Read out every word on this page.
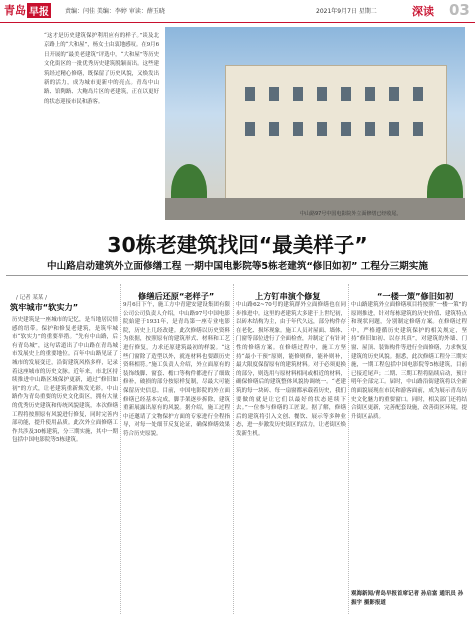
青岛 早报	责编：闫佳 美编：李婷 审读：薛玉晓	2021年9月7日 星期二	深读 03
“这才是历史建筑保护利用应有的样子。”谈及北京路上的“大和屋”，杨女士由衷地感叹。在9月6日开展的“最美老建筑”评选中，“大和屋”等历史文化街区的一批优秀历史建筑脱颖而出。这些建筑经过精心修缮，既保留了历史风貌，又焕发出新的活力，成为城市更新中的亮点。青岛中山路、馆陶路、大鲍岛片区的老建筑，正在以更好的状态迎接市民和游客。
中山路97号中国电影院外立面修缮已经收尾。
30栋老建筑找回“最美样子”
中山路启动建筑外立面修缮工程 一期中国电影院等5栋老建筑“修旧如初” 工程分三期实施
/ 记者 某某 /
筑牢城市“软实力”
历史建筑是一座城市的记忆，是当地居民情感的纽带。保护和修复老建筑，是筑牢城市“软实力”的重要举措。“先有中山路，后有青岛城”，这句话道出了中山路在青岛城市发展史上的重要地位。百年中山路见证了城市的发展变迁，沿街建筑风格多样，记录着这座城市的历史文脉。近年来，市北区持续推进中山路区域保护更新，通过“修旧如初”的方式，让老建筑重新焕发光彩。中山路作为青岛重要的历史文化街区，拥有大量的优秀历史建筑和传统风貌建筑，本次修缮工程将按照原有风貌进行修复，同时完善内部功能，提升使用品质。此次外立面修缮工作共涉及30栋建筑，分三期实施，其中一期包括中国电影院等5栋建筑。
修缮后还原“老样子”
9月6日下午，施工方中青建安建设集团有限公司公司负责人介绍，中山路97号中国电影院始建于1931年，是青岛第一座专业电影院，历史上几经改建。此次修缮以历史资料为依据，按照原有的建筑形式、材料和工艺进行修复，力求还原建筑最初的样貌。“这些门窗除了造型以外，就连材料也要跟历史资料相符。”施工负责人介绍，外立面原有的装饰线脚、窗套、檐口等构件都进行了细致修补，破损的部分按原样复制，尽最大可能保留历史信息。目前，中国电影院的外立面修缮已经基本完成，脚手架逐步拆除，建筑重新展露出原有的风貌。据介绍，施工过程中还邀请了文物保护方面的专家进行全程指导，对每一处细节反复论证，确保修缮效果符合历史原貌。
上方钉串演个修复
中山路62~70号的建筑群外立面修缮也在同步推进中。这里的老建筑大多建于上世纪初，以砖木结构为主，由于年代久远，部分构件存在老化、损坏现象。施工人员对屋面、墙体、门窗等部位进行了全面检查，并制定了有针对性的修缮方案。在修缮过程中，施工方坚持“最小干预”原则，能修则修，能补则补，最大限度保留原有的建筑材料。对于必须更换的部分，则选用与原材料相同或相近的材料，确保修缮后的建筑整体风貌协调统一。“老建筑的每一块砖、每一扇窗都承载着历史，我们要做的就是让它们以最好的状态延续下去。”一位参与修缮的工匠说。据了解，修缮后的建筑将引入文创、餐饮、展示等多种业态，进一步激发历史街区的活力，让老街区焕发新生机。
“一楼一策”修旧如初
中山路建筑外立面修缮项目将按照“一楼一策”的原则推进，针对每栋建筑的历史价值、建筑特点和现状问题，分别制定修缮方案。在修缮过程中，严格遵循历史建筑保护的相关规定，坚持“修旧如初、以存其真”，对建筑的外墙、门窗、屋顶、装饰构件等进行全面修缮，力求恢复建筑的历史风貌。据悉，此次修缮工程分三期实施，一期工程包括中国电影院等5栋建筑，目前已接近尾声；二期、三期工程将陆续启动，预计明年全部完工。届时，中山路沿街建筑将以全新的面貌展现在市民和游客面前，成为展示青岛历史文化魅力的重要窗口。同时，相关部门还将结合街区更新，完善配套设施，改善街区环境，提升街区品质。
观海新闻/青岛早报首席记者 孙启富 通讯员 孙振宇 摄影报道
